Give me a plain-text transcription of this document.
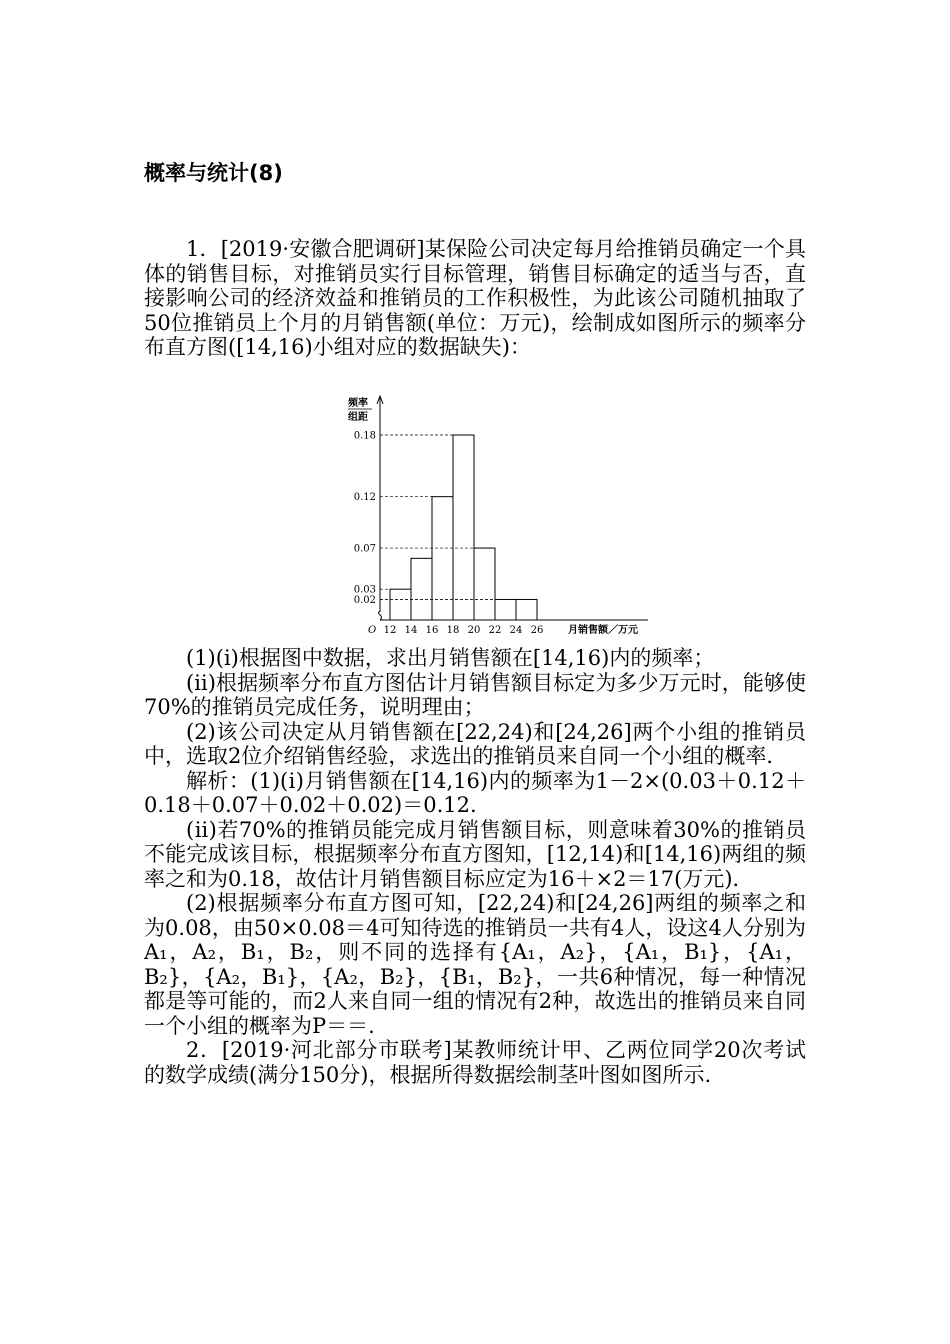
概率与统计(8)

1．[2019·安徽合肥调研]某保险公司决定每月给推销员确定一个具体的销售目标，对推销员实行目标管理，销售目标确定的适当与否，直接影响公司的经济效益和推销员的工作积极性，为此该公司随机抽取了50位推销员上个月的月销售额(单位：万元)，绘制成如图所示的频率分布直方图([14,16)小组对应的数据缺失)：

0.02
0.03
0.07
0.12
0.18
12 14 16 18 20 22 24 26 月销售额／万元
O
频率
组距

(1)(ⅰ)根据图中数据，求出月销售额在[14,16)内的频率；

(ⅱ)根据频率分布直方图估计月销售额目标定为多少万元时，能够使70%的推销员完成任务，说明理由；

(2)该公司决定从月销售额在[22,24)和[24,26]两个小组的推销员中，选取2位介绍销售经验，求选出的推销员来自同一个小组的概率．

解析：(1)(ⅰ)月销售额在[14,16)内的频率为1－2×(0.03＋0.12＋0.18＋0.07＋0.02＋0.02)＝0.12.

(ⅱ)若70%的推销员能完成月销售额目标，则意味着30%的推销员不能完成该目标，根据频率分布直方图知，[12,14)和[14,16)两组的频率之和为0.18，故估计月销售额目标应定为16＋×2＝17(万元)．

(2)根据频率分布直方图可知，[22,24)和[24,26]两组的频率之和为0.08，由50×0.08＝4可知待选的推销员一共有4人，设这4人分别为A₁，A₂，B₁，B₂，则不同的选择有{A₁，A₂}，{A₁，B₁}，{A₁，B₂}，{A₂，B₁}，{A₂，B₂}，{B₁，B₂}，一共6种情况，每一种情况都是等可能的，而2人来自同一组的情况有2种，故选出的推销员来自同一个小组的概率为P＝＝.

2．[2019·河北部分市联考]某教师统计甲、乙两位同学20次考试的数学成绩(满分150分)，根据所得数据绘制茎叶图如图所示.
